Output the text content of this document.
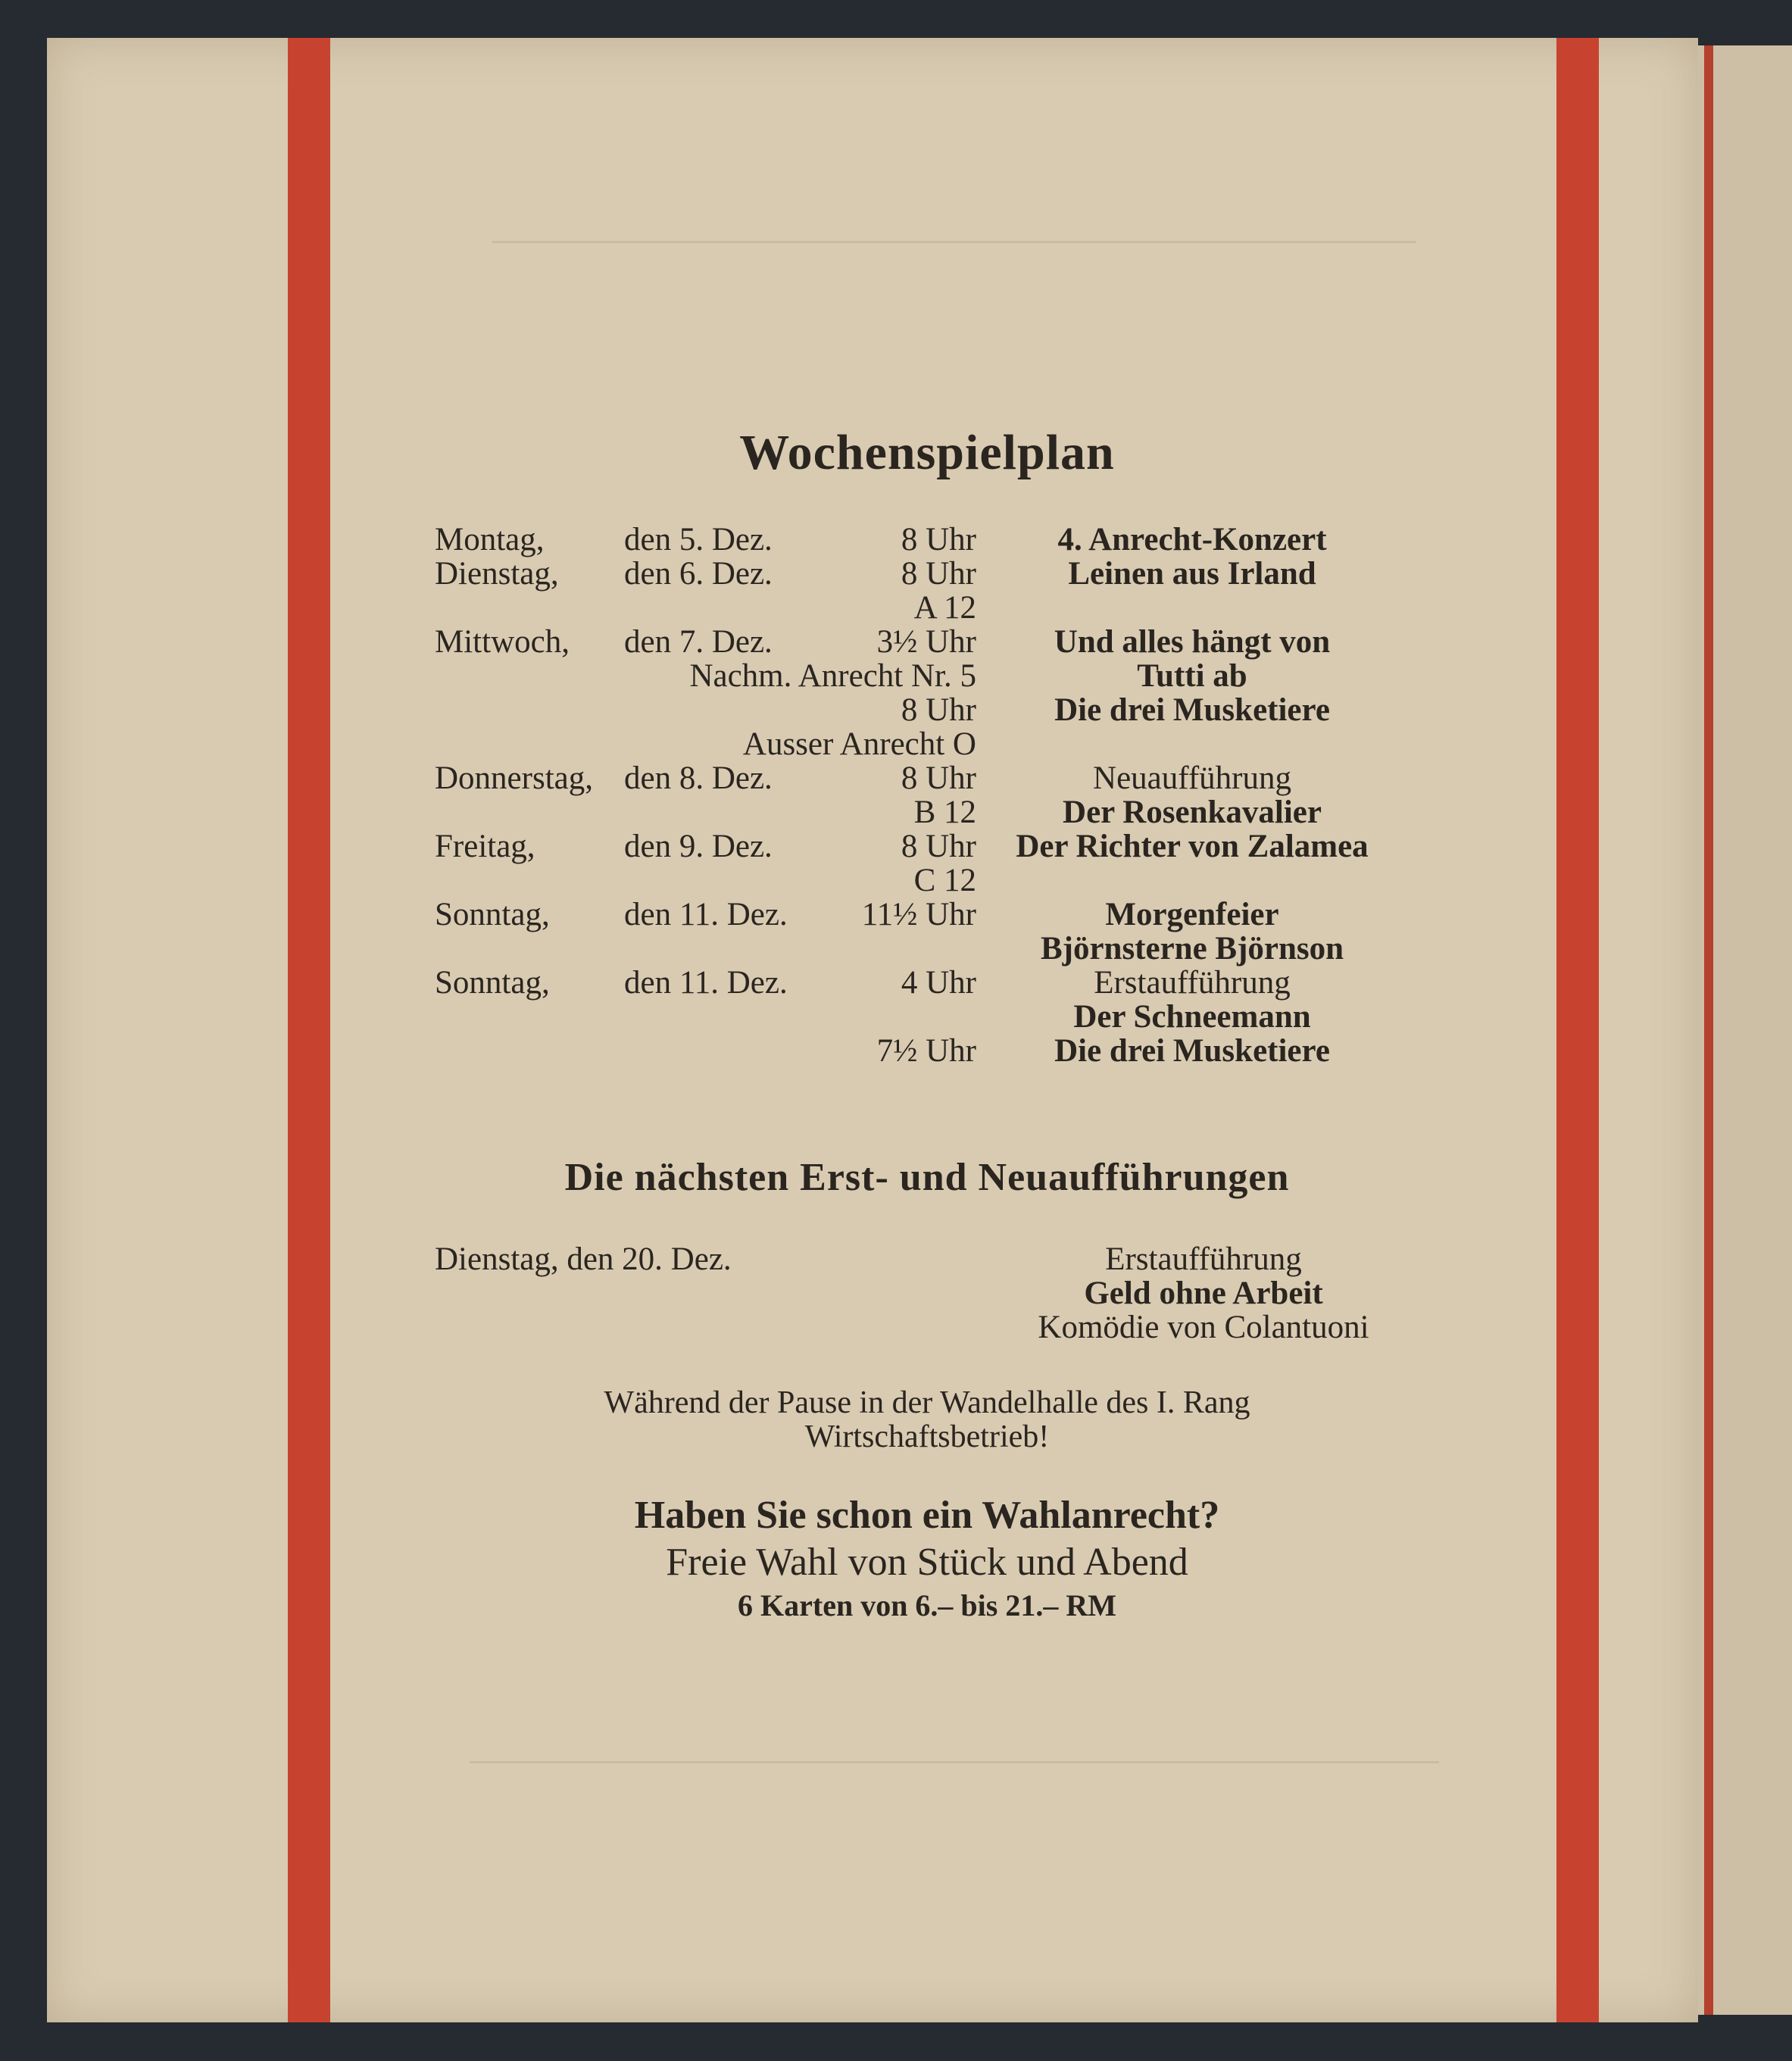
Wochenspielplan
Montag, den 5. Dez.	8 Uhr	4. Anrecht-Konzert
Dienstag, den 6. Dez.	8 Uhr	Leinen aus Irland
A 12
Mittwoch, den 7. Dez.	3½ Uhr	Und alles hängt von
Nachm. Anrecht Nr. 5	Tutti ab
8 Uhr	Die drei Musketiere
Ausser Anrecht O
Donnerstag, den 8. Dez.	8 Uhr	Neuaufführung
B 12	Der Rosenkavalier
Freitag,	den 9. Dez.	8 Uhr	Der Richter von Zalamea
C 12
Sonntag, den 11. Dez. 11½ Uhr	Morgenfeier
Björnsterne Björnson
Sonntag, den 11. Dez.	4 Uhr	Erstaufführung
Der Schneemann
7½ Uhr	Die drei Musketiere
Die nächsten Erst- und Neuaufführungen
Dienstag, den 20. Dez.	Erstaufführung
Geld ohne Arbeit
Komödie von Colantuoni
Während der Pause in der Wandelhalle des I. Rang
Wirtschaftsbetrieb!
Haben Sie schon ein Wahlanrecht?
Freie Wahl von Stück und Abend
6 Karten von 6.– bis 21.– RM
